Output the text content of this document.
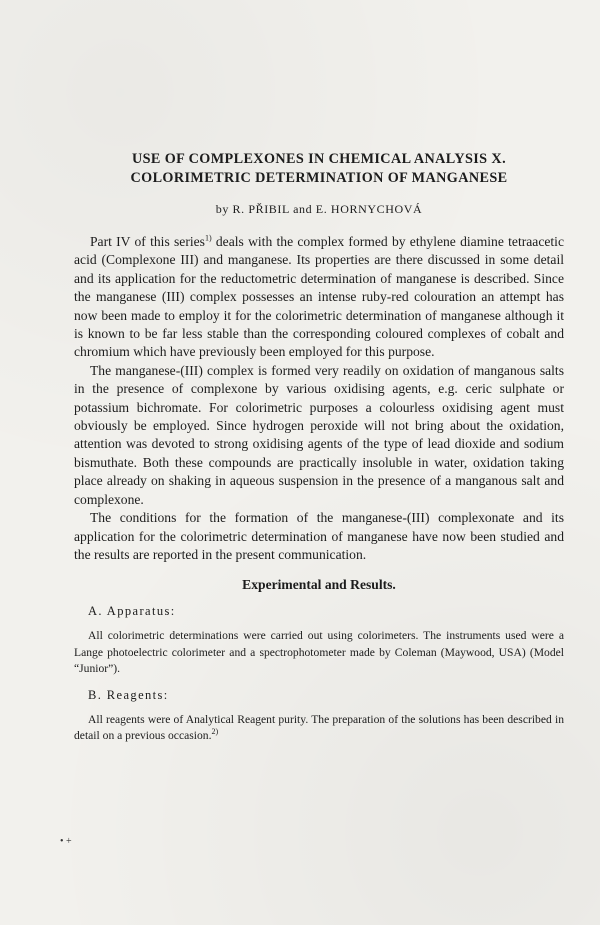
USE OF COMPLEXONES IN CHEMICAL ANALYSIS X.
COLORIMETRIC DETERMINATION OF MANGANESE

by R. PŘIBIL and E. HORNYCHOVÁ

Part IV of this series$^{1)}$ deals with the complex formed by ethylene diamine tetraacetic acid (Complexone III) and manganese. Its properties are there discussed in some detail and its application for the reductometric determination of manganese is described. Since the manganese (III) complex possesses an intense ruby-red colouration an attempt has now been made to employ it for the colorimetric determination of manganese although it is known to be far less stable than the corresponding coloured complexes of cobalt and chromium which have previously been employed for this purpose.

The manganese-(III) complex is formed very readily on oxidation of manganous salts in the presence of complexone by various oxidising agents, e.g. ceric sulphate or potassium bichromate. For colorimetric purposes a colourless oxidising agent must obviously be employed. Since hydrogen peroxide will not bring about the oxidation, attention was devoted to strong oxidising agents of the type of lead dioxide and sodium bismuthate. Both these compounds are practically insoluble in water, oxidation taking place already on shaking in aqueous suspension in the presence of a manganous salt and complexone.

The conditions for the formation of the manganese-(III) complexonate and its application for the colorimetric determination of manganese have now been studied and the results are reported in the present communication.

Experimental and Results.

A. Apparatus:

All colorimetric determinations were carried out using colorimeters. The instruments used were a Lange photoelectric colorimeter and a spectrophotometer made by Coleman (Maywood, USA) (Model “Junior”).

B. Reagents:

All reagents were of Analytical Reagent purity. The preparation of the solutions has been described in detail on a previous occasion.$^{2)}$

• +
